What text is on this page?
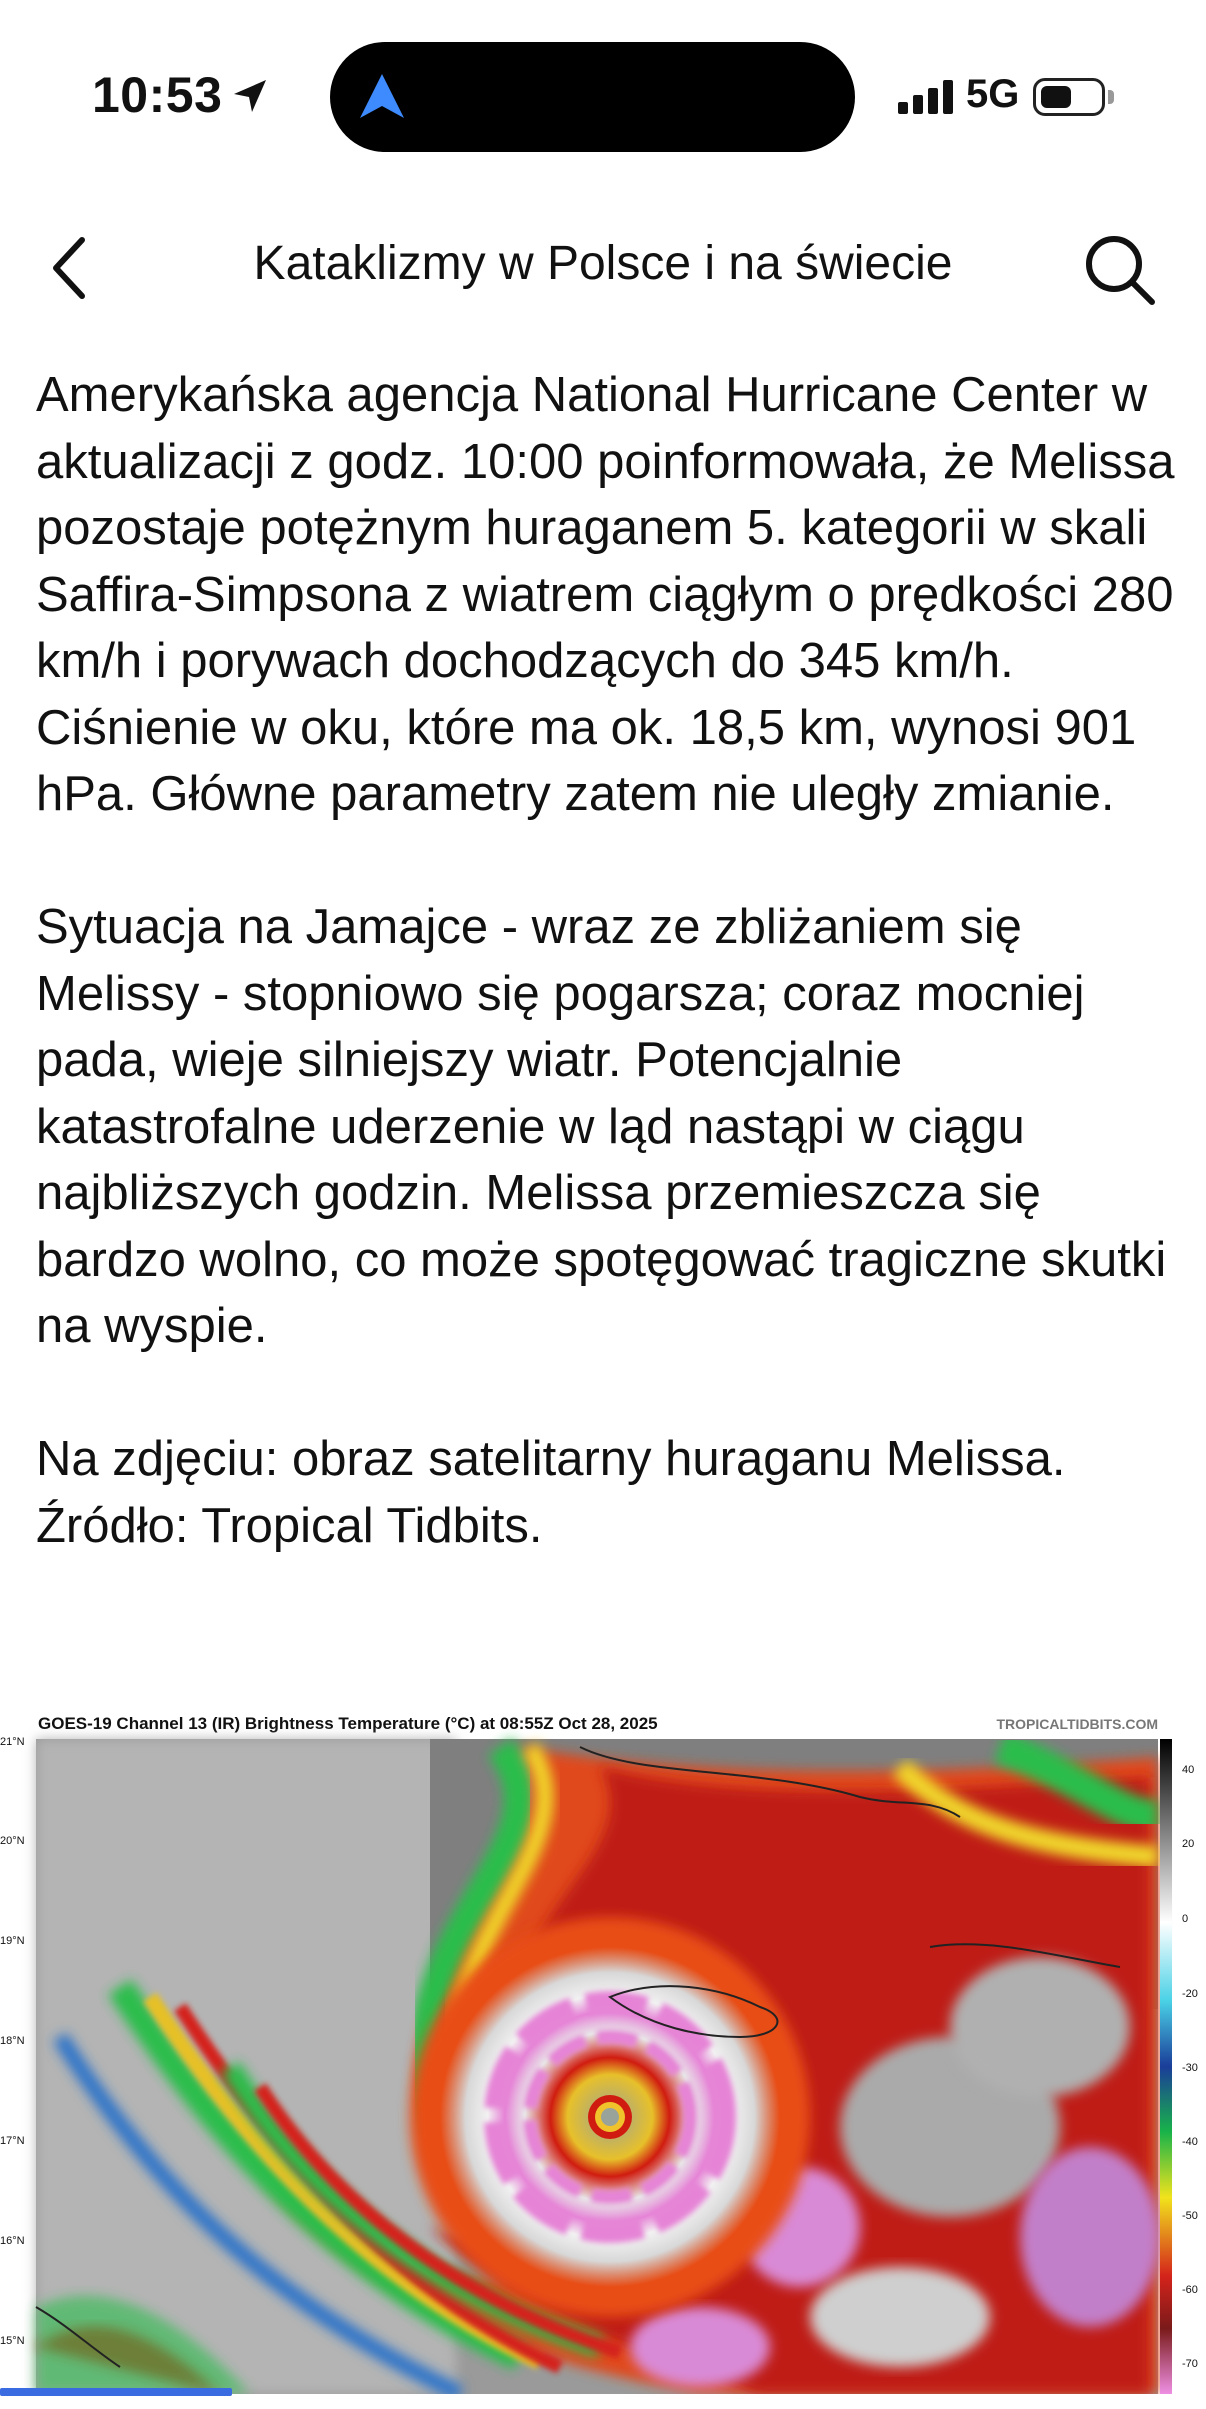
10:53	5G
Kataklizmy w Polsce i na świecie

Amerykańska agencja National Hurricane Center w aktualizacji z godz. 10:00 poinformowała, że Melissa pozostaje potężnym huraganem 5. kategorii w skali Saffira-Simpsona z wiatrem ciągłym o prędkości 280 km/h i porywach dochodzących do 345 km/h. Ciśnienie w oku, które ma ok. 18,5 km, wynosi 901 hPa. Główne parametry zatem nie uległy zmianie.

Sytuacja na Jamajce - wraz ze zbliżaniem się Melissy - stopniowo się pogarsza; coraz mocniej pada, wieje silniejszy wiatr. Potencjalnie katastrofalne uderzenie w ląd nastąpi w ciągu najbliższych godzin. Melissa przemieszcza się bardzo wolno, co może spotęgować tragiczne skutki na wyspie.

Na zdjęciu: obraz satelitarny huraganu Melissa. Źródło: Tropical Tidbits.

GOES-19 Channel 13 (IR) Brightness Temperature (°C) at 08:55Z Oct 28, 2025	TROPICALTIDBITS.COM
21°N
20°N
19°N
18°N
17°N
16°N
15°N
40
20
0
-20
-30
-40
-50
-60
-70
